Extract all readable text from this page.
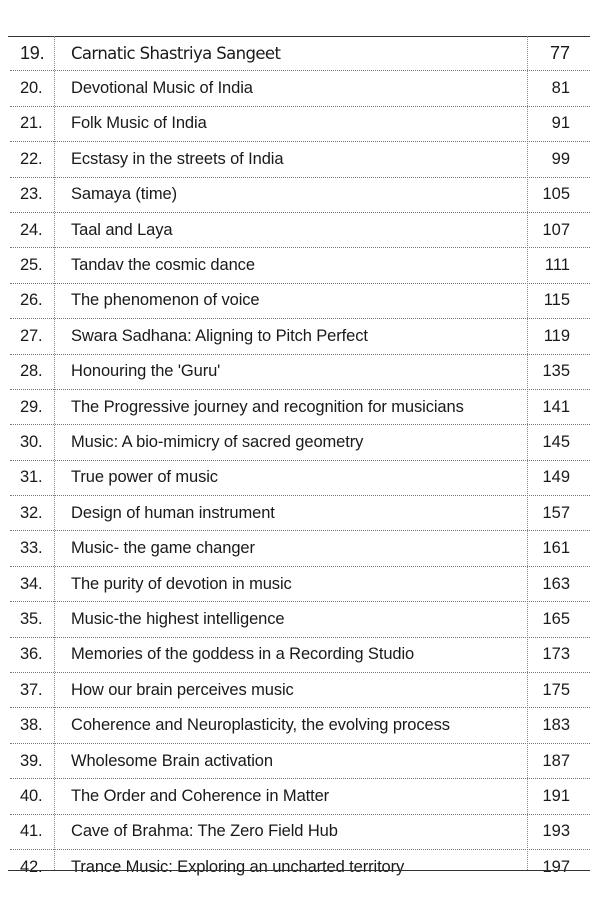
19.	Carnatic Shastriya Sangeet	77
20.	Devotional Music of India	81
21.	Folk Music of India	91
22.	Ecstasy in the streets of India	99
23.	Samaya (time)	105
24.	Taal and Laya	107
25.	Tandav the cosmic dance	111
26.	The phenomenon of voice	115
27.	Swara Sadhana: Aligning to Pitch Perfect	119
28.	Honouring the 'Guru'	135
29.	The Progressive journey and recognition for musicians	141
30.	Music: A bio-mimicry of sacred geometry	145
31.	True power of music	149
32.	Design of human instrument	157
33.	Music- the game changer	161
34.	The purity of devotion in music	163
35.	Music-the highest intelligence	165
36.	Memories of the goddess in a Recording Studio	173
37.	How our brain perceives music	175
38.	Coherence and Neuroplasticity, the evolving process	183
39.	Wholesome Brain activation	187
40.	The Order and Coherence in Matter	191
41.	Cave of Brahma: The Zero Field Hub	193
42.	Trance Music: Exploring an uncharted territory	197
